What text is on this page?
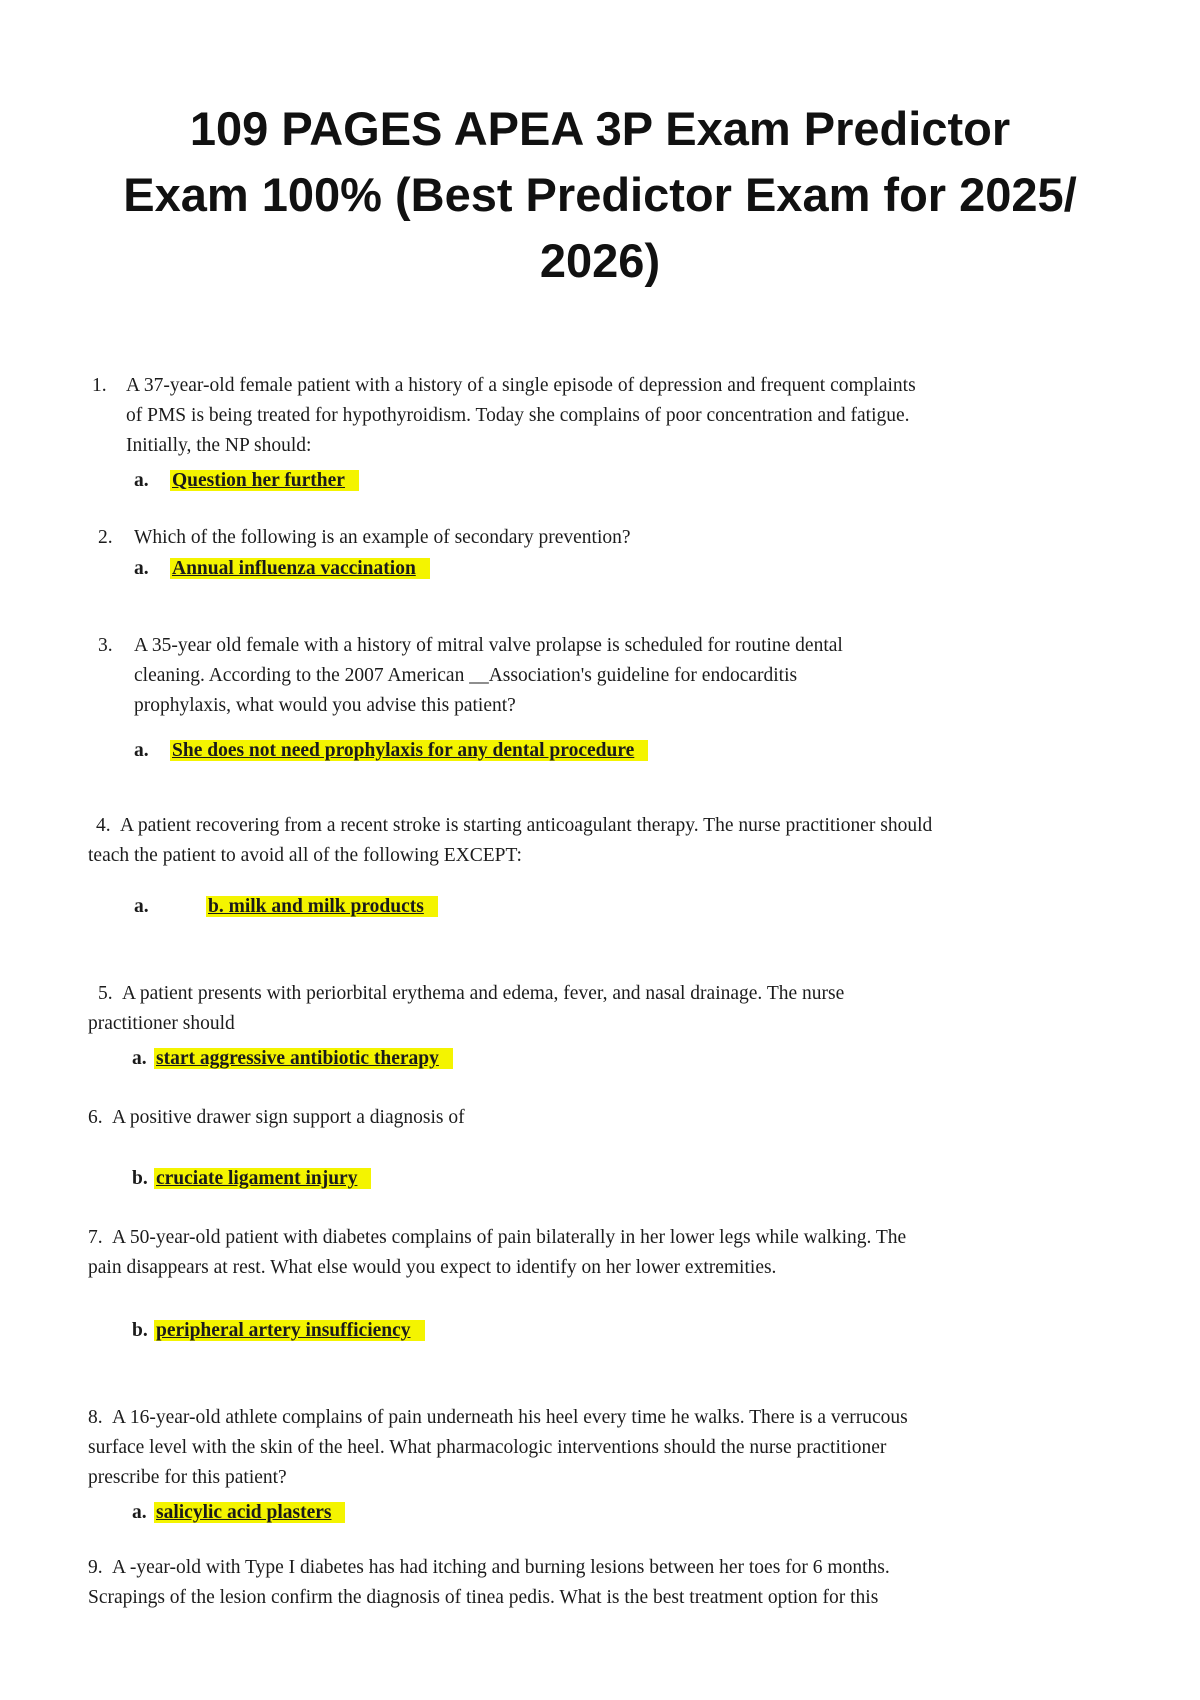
109 PAGES APEA 3P Exam Predictor
Exam 100% (Best Predictor Exam for 2025/
2026)
1. A 37-year-old female patient with a history of a single episode of depression and frequent complaints
of PMS is being treated for hypothyroidism. Today she complains of poor concentration and fatigue.
Initially, the NP should:
a. Question her further
2. Which of the following is an example of secondary prevention?
a. Annual influenza vaccination
3. A 35-year old female with a history of mitral valve prolapse is scheduled for routine dental
cleaning. According to the 2007 American __Association's guideline for endocarditis
prophylaxis, what would you advise this patient?
a. She does not need prophylaxis for any dental procedure
4. A patient recovering from a recent stroke is starting anticoagulant therapy. The nurse practitioner should
teach the patient to avoid all of the following EXCEPT:
a.	b. milk and milk products
5. A patient presents with periorbital erythema and edema, fever, and nasal drainage. The nurse
practitioner should
a. start aggressive antibiotic therapy
6. A positive drawer sign support a diagnosis of
b. cruciate ligament injury
7. A 50-year-old patient with diabetes complains of pain bilaterally in her lower legs while walking. The
pain disappears at rest. What else would you expect to identify on her lower extremities.
b. peripheral artery insufficiency
8. A 16-year-old athlete complains of pain underneath his heel every time he walks. There is a verrucous
surface level with the skin of the heel. What pharmacologic interventions should the nurse practitioner
prescribe for this patient?
a. salicylic acid plasters
9. A -year-old with Type I diabetes has had itching and burning lesions between her toes for 6 months.
Scrapings of the lesion confirm the diagnosis of tinea pedis. What is the best treatment option for this
